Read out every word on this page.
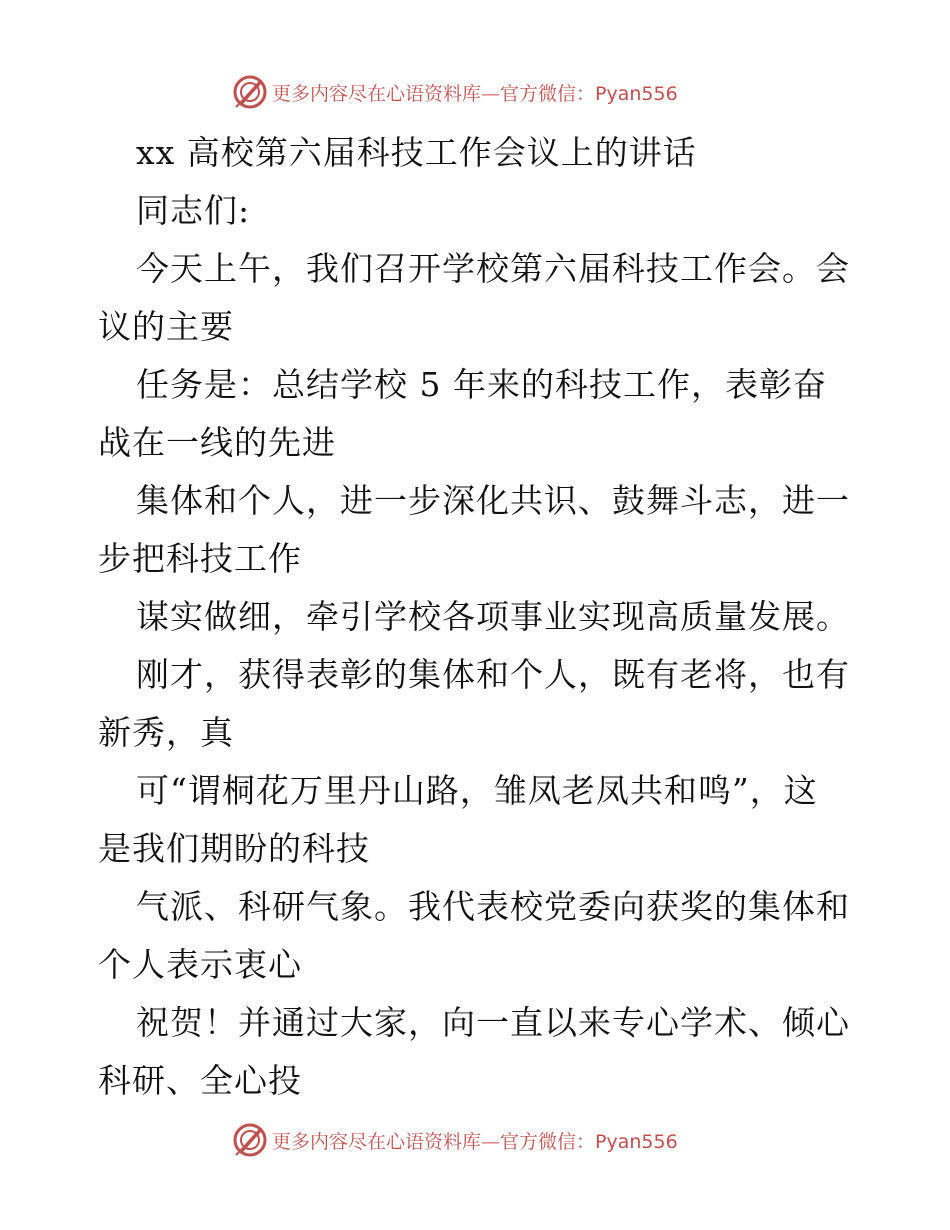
更多内容尽在心语资料库—官方微信：Pyan556
xx 高校第六届科技工作会议上的讲话
同志们:
今天上午，我们召开学校第六届科技工作会。会
议的主要
任务是：总结学校 5 年来的科技工作，表彰奋
战在一线的先进
集体和个人，进一步深化共识、鼓舞斗志，进一
步把科技工作
谋实做细，牵引学校各项事业实现高质量发展。
刚才，获得表彰的集体和个人，既有老将，也有
新秀，真
可“谓桐花万里丹山路，雏凤老凤共和鸣”，这
是我们期盼的科技
气派、科研气象。我代表校党委向获奖的集体和
个人表示衷心
祝贺！并通过大家，向一直以来专心学术、倾心
科研、全心投
更多内容尽在心语资料库—官方微信：Pyan556
